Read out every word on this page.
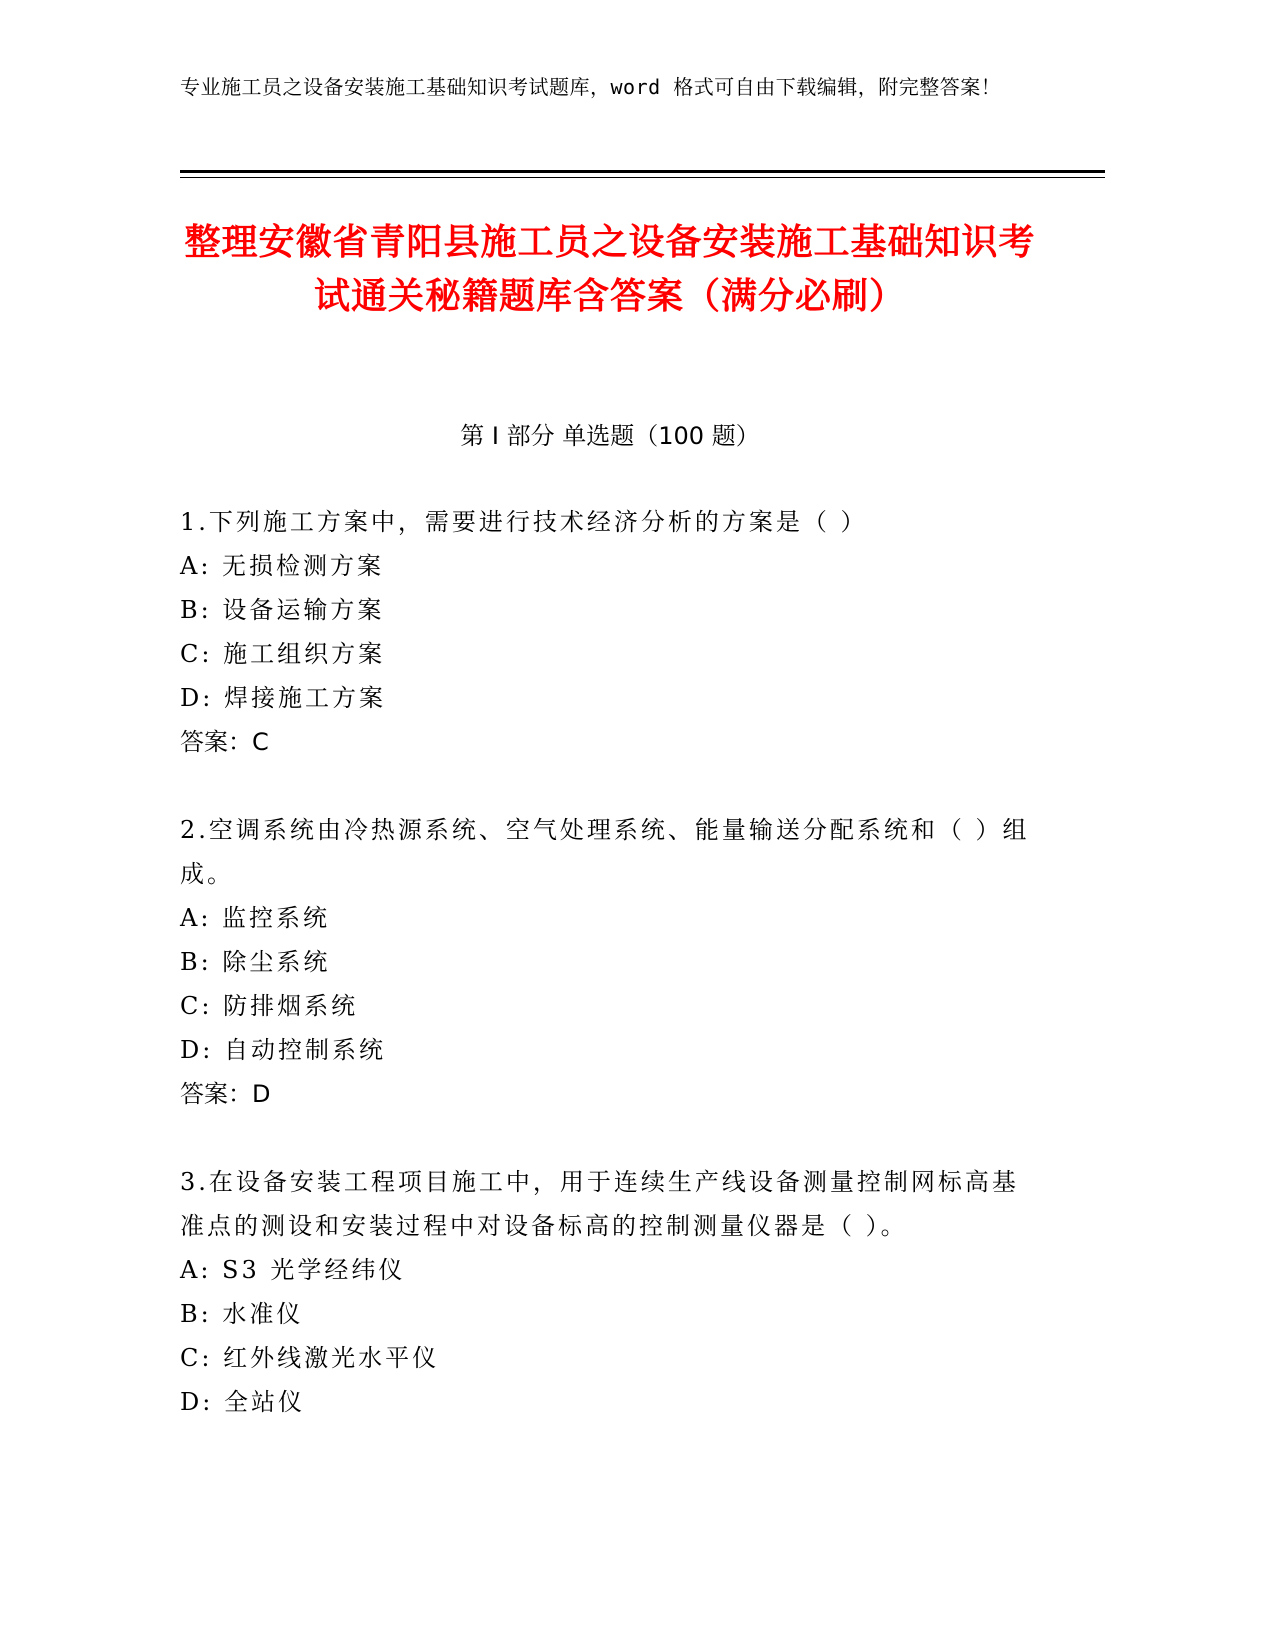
专业施工员之设备安装施工基础知识考试题库，word 格式可自由下载编辑，附完整答案！
整理安徽省青阳县施工员之设备安装施工基础知识考试通关秘籍题库含答案（满分必刷）
第 I 部分 单选题（100 题）
1.下列施工方案中，需要进行技术经济分析的方案是（ ）
A: 无损检测方案
B: 设备运输方案
C: 施工组织方案
D: 焊接施工方案
答案：C
2.空调系统由冷热源系统、空气处理系统、能量输送分配系统和（ ）组成。
A: 监控系统
B: 除尘系统
C: 防排烟系统
D: 自动控制系统
答案：D
3.在设备安装工程项目施工中，用于连续生产线设备测量控制网标高基准点的测设和安装过程中对设备标高的控制测量仪器是（ ）。
A: S3 光学经纬仪
B: 水准仪
C: 红外线激光水平仪
D: 全站仪
